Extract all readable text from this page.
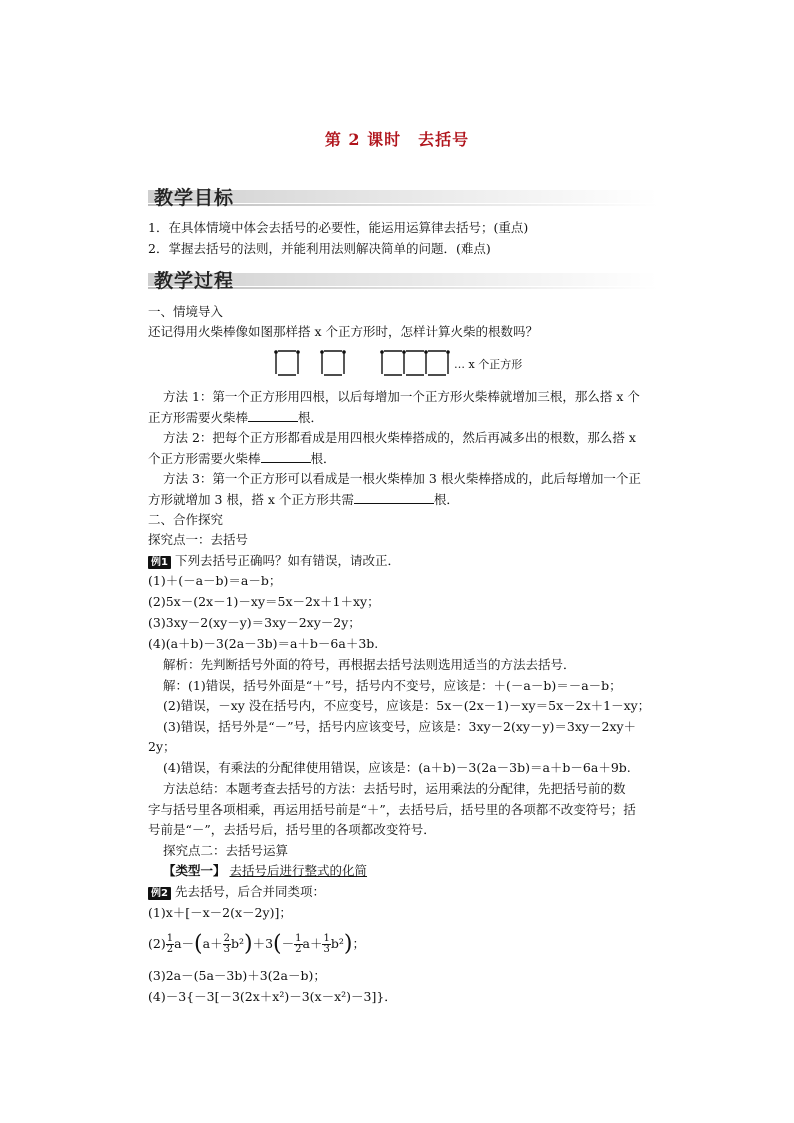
第 2 课时　去括号
教学目标
1．在具体情境中体会去括号的必要性，能运用运算律去括号；(重点)
2．掌握去括号的法则，并能利用法则解决简单的问题．(难点)
教学过程
一、情境导入
还记得用火柴棒像如图那样搭 x 个正方形时，怎样计算火柴的根数吗？
… x 个正方形
方法 1：第一个正方形用四根，以后每增加一个正方形火柴棒就增加三根，那么搭 x 个
正方形需要火柴棒	根．
方法 2：把每个正方形都看成是用四根火柴棒搭成的，然后再减多出的根数，那么搭 x
个正方形需要火柴棒	根．
方法 3：第一个正方形可以看成是一根火柴棒加 3 根火柴棒搭成的，此后每增加一个正
方形就增加 3 根，搭 x 个正方形共需	根．
二、合作探究
探究点一：去括号
例1 下列去括号正确吗？如有错误，请改正．
(1)＋(－a－b)＝a－b；
(2)5x－(2x－1)－xy＝5x－2x＋1＋xy；
(3)3xy－2(xy－y)＝3xy－2xy－2y；
(4)(a＋b)－3(2a－3b)＝a＋b－6a＋3b.
解析：先判断括号外面的符号，再根据去括号法则选用适当的方法去括号．
解：(1)错误，括号外面是“＋”号，括号内不变号，应该是：＋(－a－b)＝－a－b；
(2)错误，－xy 没在括号内，不应变号，应该是：5x－(2x－1)－xy＝5x－2x＋1－xy；
(3)错误，括号外是“－”号，括号内应该变号，应该是：3xy－2(xy－y)＝3xy－2xy＋
2y；
(4)错误，有乘法的分配律使用错误，应该是：(a＋b)－3(2a－3b)＝a＋b－6a＋9b.
方法总结：本题考查去括号的方法：去括号时，运用乘法的分配律，先把括号前的数
字与括号里各项相乘，再运用括号前是“＋”，去括号后，括号里的各项都不改变符号；括
号前是“－”，去括号后，括号里的各项都改变符号．
探究点二：去括号运算
【类型一】 去括号后进行整式的化简
例2 先去括号，后合并同类项：
(1)x＋[－x－2(x－2y)]；
$(2) \frac{1}{2} a-(a+ \frac{2}{3} b^2)+3(- \frac{1}{2} a+ \frac{1}{3} b^2)$；
(3)2a－(5a－3b)＋3(2a－b)；
(4)－3{－3[－3(2x＋x²)－3(x－x²)－3]}．
